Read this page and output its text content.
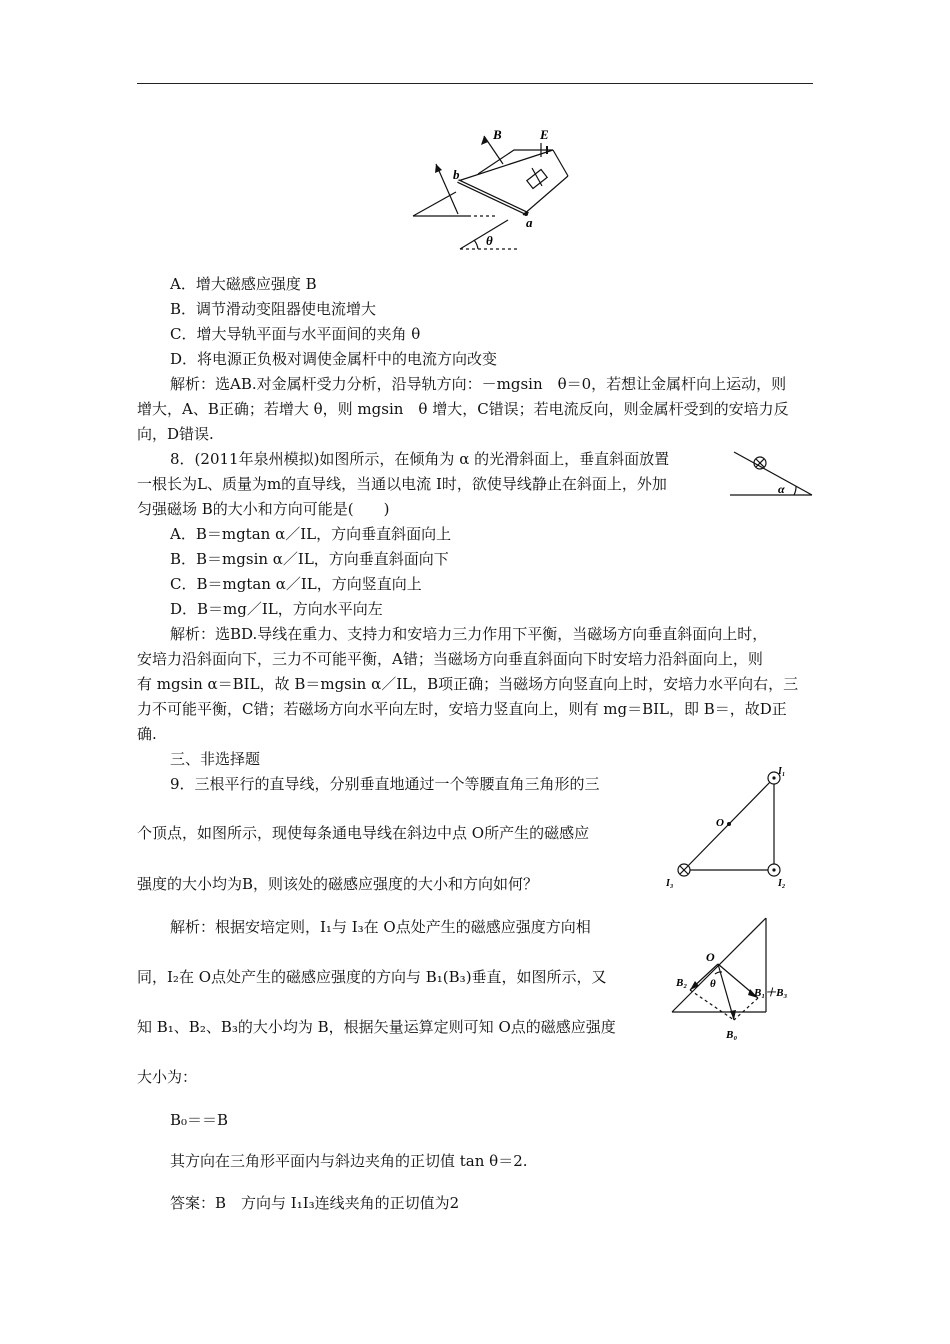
B	E
b
a
θ
A．增大磁感应强度 B
B．调节滑动变阻器使电流增大
C．增大导轨平面与水平面间的夹角 θ
D．将电源正负极对调使金属杆中的电流方向改变
解析：选AB.对金属杆受力分析，沿导轨方向：－mgsin　θ＝0，若想让金属杆向上运动，则
增大，A、B正确；若增大 θ，则 mgsin　θ 增大，C错误；若电流反向，则金属杆受到的安培力反
向，D错误.
8．(2011年泉州模拟)如图所示，在倾角为 α 的光滑斜面上，垂直斜面放置
一根长为L、质量为m的直导线，当通以电流 I时，欲使导线静止在斜面上，外加
匀强磁场 B的大小和方向可能是(　　)
α
A．B＝mgtan α／IL，方向垂直斜面向上
B．B＝mgsin α／IL，方向垂直斜面向下
C．B＝mgtan α／IL，方向竖直向上
D．B＝mg／IL，方向水平向左
解析：选BD.导线在重力、支持力和安培力三力作用下平衡，当磁场方向垂直斜面向上时，
安培力沿斜面向下，三力不可能平衡，A错；当磁场方向垂直斜面向下时安培力沿斜面向上，则
有 mgsin α＝BIL，故 B＝mgsin α／IL，B项正确；当磁场方向竖直向上时，安培力水平向右，三
力不可能平衡，C错；若磁场方向水平向左时，安培力竖直向上，则有 mg＝BIL，即 B＝，故D正
确.
三、非选择题
9．三根平行的直导线，分别垂直地通过一个等腰直角三角形的三
个顶点，如图所示，现使每条通电导线在斜边中点 O所产生的磁感应
强度的大小均为B，则该处的磁感应强度的大小和方向如何？
I₁
I₂
I₃
O
解析：根据安培定则，I₁与 I₃在 O点处产生的磁感应强度方向相
同，I₂在 O点处产生的磁感应强度的方向与 B₁(B₃)垂直，如图所示，又
知 B₁、B₂、B₃的大小均为 B，根据矢量运算定则可知 O点的磁感应强度
大小为：
O
B₂ θ
B₁＋B₃
B₀
B₀＝＝B
其方向在三角形平面内与斜边夹角的正切值 tan θ＝2.
答案：B　方向与 I₁I₃连线夹角的正切值为2
